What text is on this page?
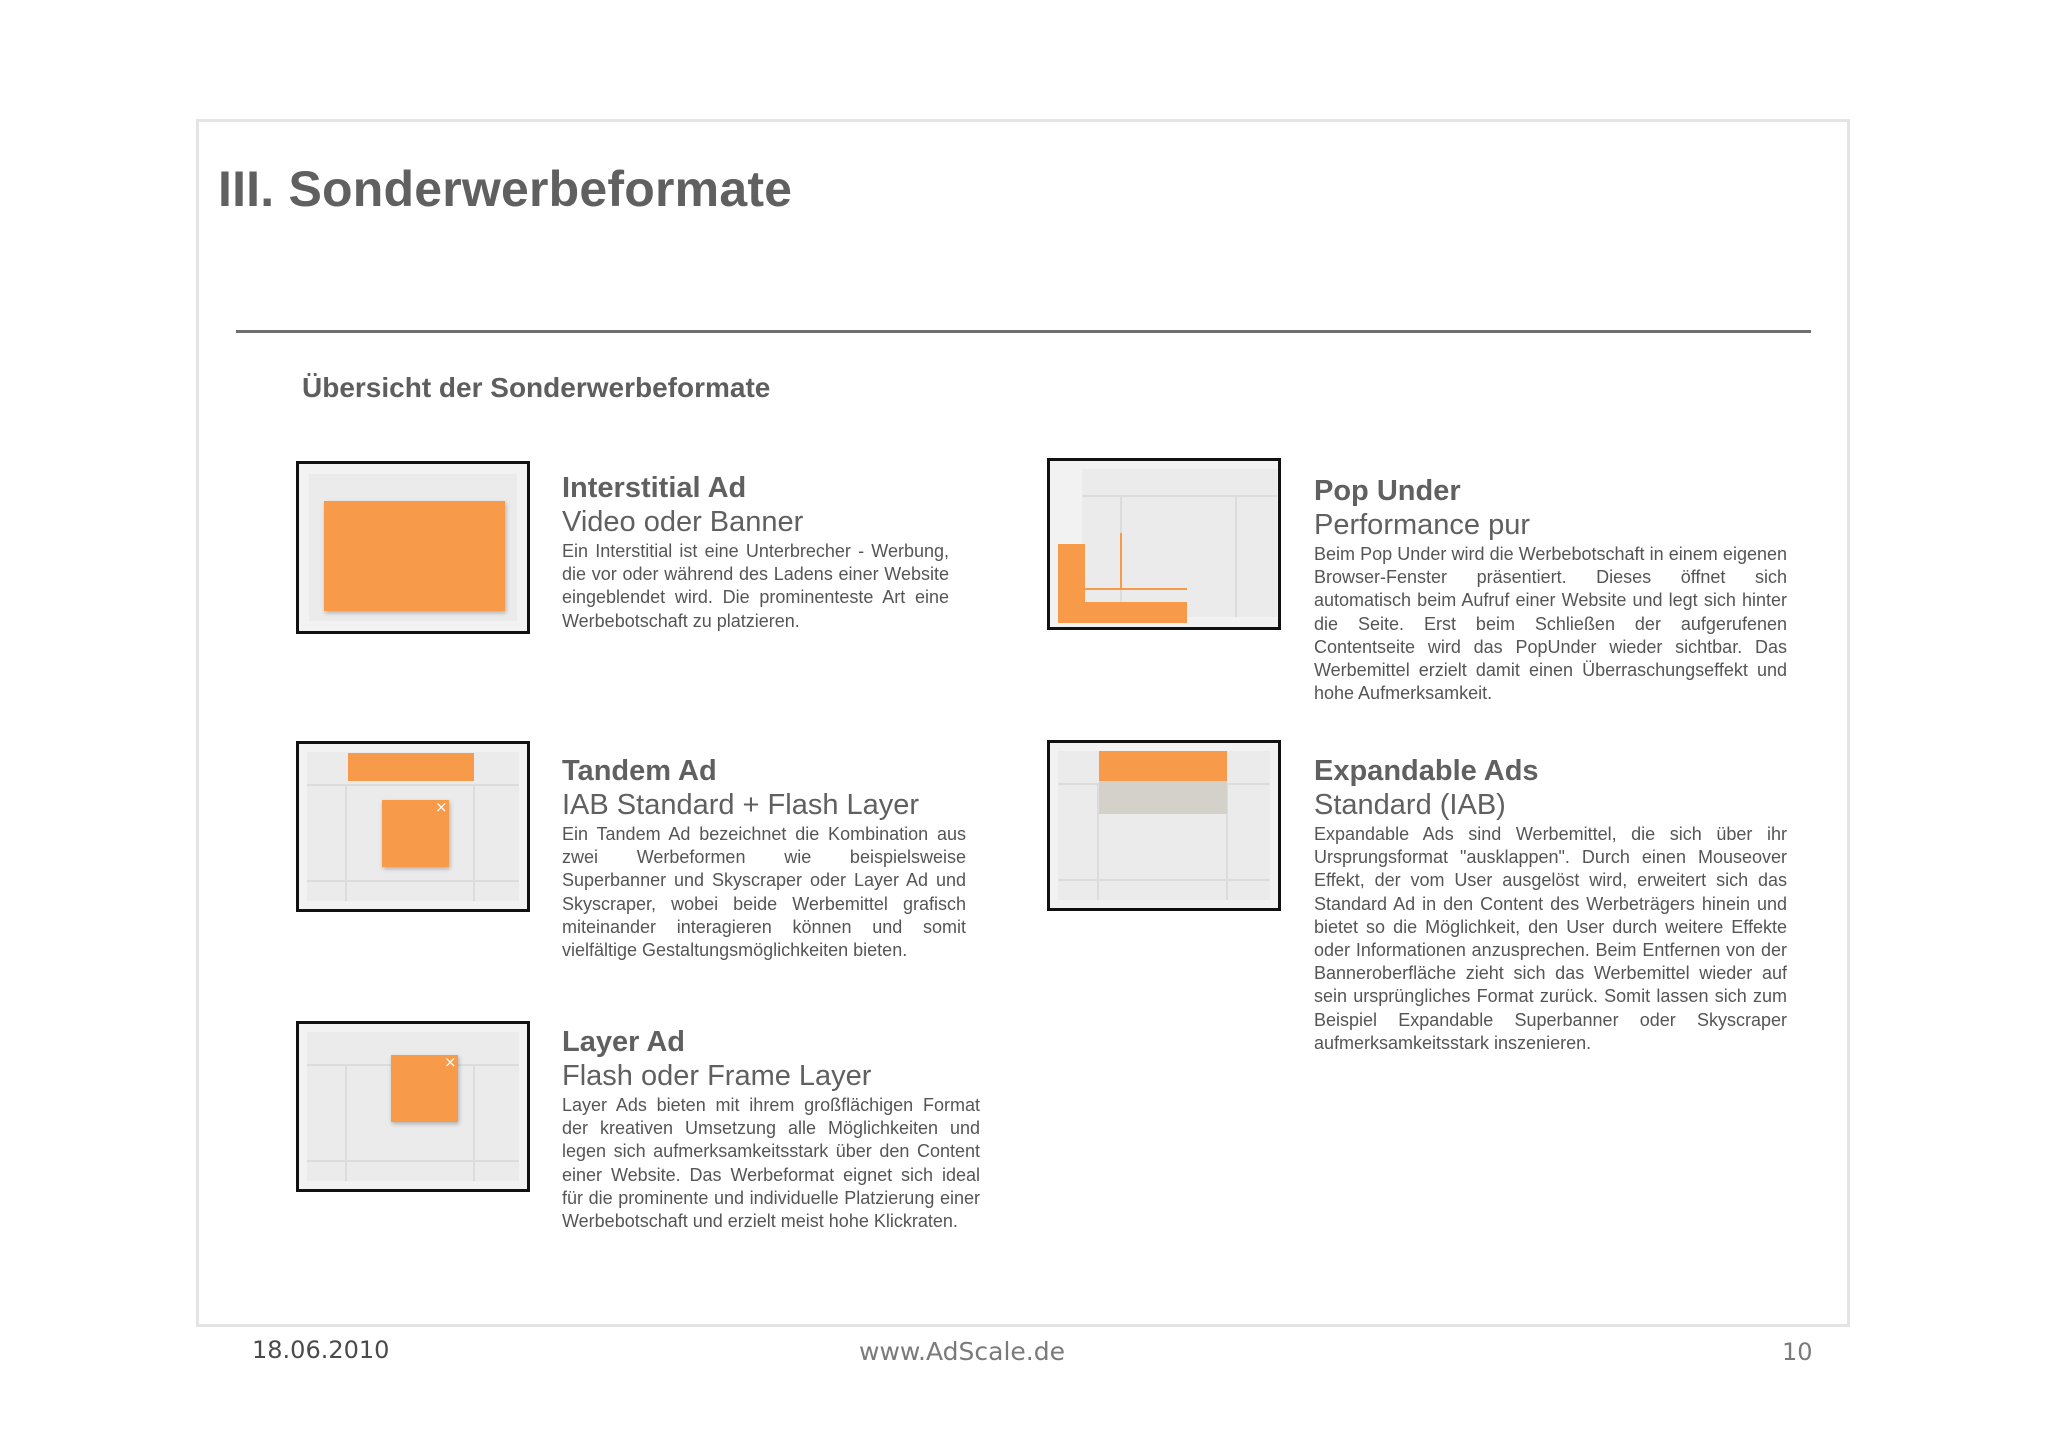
III. Sonderwerbeformate
Übersicht der Sonderwerbeformate

Interstitial Ad

Video oder Banner

Ein Interstitial ist eine Unterbrecher - Werbung, die vor oder während des Ladens einer Website eingeblendet wird. Die prominenteste Art eine Werbebotschaft zu platzieren.

×

Tandem Ad

IAB Standard + Flash Layer

Ein Tandem Ad bezeichnet die Kombination aus zwei Werbeformen wie beispielsweise Superbanner und Skyscraper oder Layer Ad und Skyscraper, wobei beide Werbemittel grafisch miteinander interagieren können und somit vielfältige Gestaltungsmöglichkeiten bieten.

×

Layer Ad

Flash oder Frame Layer

Layer Ads bieten mit ihrem großflächigen Format der kreativen Umsetzung alle Möglichkeiten und legen sich aufmerksamkeitsstark über den Content einer Website. Das Werbeformat eignet sich ideal für die prominente und individuelle Platzierung einer Werbebotschaft und erzielt meist hohe Klickraten.

Pop Under

Performance pur

Beim Pop Under wird die Werbebotschaft in einem eigenen Browser-Fenster präsentiert. Dieses öffnet sich automatisch beim Aufruf einer Website und legt sich hinter die Seite. Erst beim Schließen der aufgerufenen Contentseite wird das PopUnder wieder sichtbar. Das Werbemittel erzielt damit einen Überraschungseffekt und hohe Aufmerksamkeit.

Expandable Ads

Standard (IAB)

Expandable Ads sind Werbemittel, die sich über ihr Ursprungsformat "ausklappen". Durch einen Mouseover Effekt, der vom User ausgelöst wird, erweitert sich das Standard Ad in den Content des Werbeträgers hinein und bietet so die Möglichkeit, den User durch weitere Effekte oder Informationen anzusprechen. Beim Entfernen von der Banneroberfläche zieht sich das Werbemittel wieder auf sein ursprüngliches Format zurück. Somit lassen sich zum Beispiel Expandable Superbanner oder Skyscraper aufmerksamkeitsstark inszenieren.

18.06.2010	www.AdScale.de	10
